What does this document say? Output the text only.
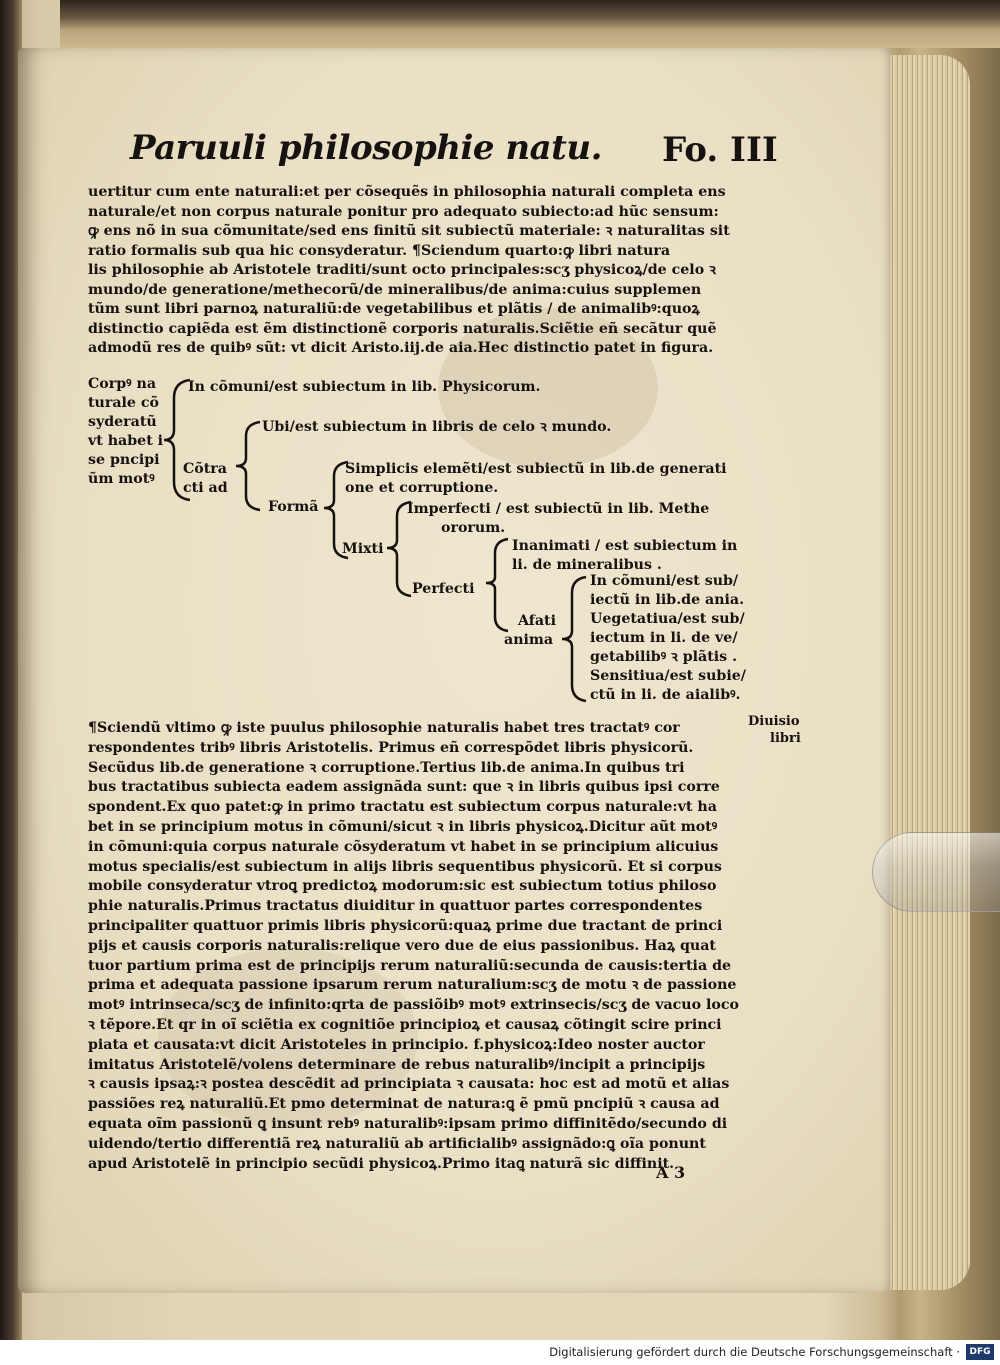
Paruuli philosophie natu. Fo. III
uertitur cum ente naturali:et per cõsequẽs in philosophia naturali completa ens
naturale/et non corpus naturale ponitur pro adequato subiecto:ad hũc sensum:
ꝙ ens nõ in sua cõmunitate/sed ens finitũ sit subiectũ materiale: ꝛ naturalitas sit
ratio formalis sub qua hic consyderatur. ¶Sciendum quarto:ꝙ libri natura
lis philosophie ab Aristotele traditi/sunt octo principales:scʒ physicoꝝ/de celo ꝛ
mundo/de generatione/methecorũ/de mineralibus/de anima:cuius supplemen
tũm sunt libri parnoꝝ naturaliũ:de vegetabilibus et plãtis / de animalibꝰ:quoꝝ
distinctio capiẽda est ẽm distinctionẽ corporis naturalis.Sciẽtie eñ secãtur quẽ
admodũ res de quibꝰ sũt: vt dicit Aristo.iij.de aia.Hec distinctio patet in figura.
Corpꝰ na
turale cõ
syderatũ
vt habet i
se pncipi
ũm motꝰ
In cõmuni/est subiectum in lib. Physicorum.
Cõtra
cti ad
Ubi/est subiectum in libris de celo ꝛ mundo.
Formã
Simplicis elemẽti/est subiectũ in lib.de generati
one et corruptione.
Mixti
Imperfecti / est subiectũ in lib. Methe
ororum.
Perfecti
Inanimati / est subiectum in
li. de mineralibus .
Afati
anima
In cõmuni/est sub/
iectũ in lib.de ania.
Uegetatiua/est sub/
iectum in li. de ve/
getabilibꝰ ꝛ plãtis .
Sensitiua/est subie/
ctũ in li. de aialibꝰ.
Diuisio
libri
¶Sciendũ vltimo ꝙ iste puulus philosophie naturalis habet tres tractatꝰ cor
respondentes tribꝰ libris Aristotelis. Primus eñ correspõdet libris physicorũ.
Secũdus lib.de generatione ꝛ corruptione.Tertius lib.de anima.In quibus tri
bus tractatibus subiecta eadem assignãda sunt: que ꝛ in libris quibus ipsi corre
spondent.Ex quo patet:ꝙ in primo tractatu est subiectum corpus naturale:vt ha
bet in se principium motus in cõmuni/sicut ꝛ in libris physicoꝝ.Dicitur aũt motꝰ
in cõmuni:quia corpus naturale cõsyderatum vt habet in se principium alicuius
motus specialis/est subiectum in alijs libris sequentibus physicorũ. Et si corpus
mobile consyderatur vtroꝗ predictoꝝ modorum:sic est subiectum totius philoso
phie naturalis.Primus tractatus diuiditur in quattuor partes correspondentes
principaliter quattuor primis libris physicorũ:quaꝝ prime due tractant de princi
pijs et causis corporis naturalis:relique vero due de eius passionibus. Haꝝ quat
tuor partium prima est de principijs rerum naturaliũ:secunda de causis:tertia de
prima et adequata passione ipsarum rerum naturalium:scʒ de motu ꝛ de passione
motꝰ intrinseca/scʒ de infinito:qrta de passiõibꝰ motꝰ extrinsecis/scʒ de vacuo loco
ꝛ tẽpore.Et qr in oĩ sciẽtia ex cognitiõe principioꝝ et causaꝝ cõtingit scire princi
piata et causata:vt dicit Aristoteles in principio. f.physicoꝝ:Ideo noster auctor
imitatus Aristotelẽ/volens determinare de rebus naturalibꝰ/incipit a principijs
ꝛ causis ipsaꝝ:ꝛ postea descẽdit ad principiata ꝛ causata: hoc est ad motũ et alias
passiões reꝝ naturaliũ.Et pmo determinat de natura:ꝗ ẽ pmũ pncipiũ ꝛ causa ad
equata oĩm passionũ ꝗ insunt rebꝰ naturalibꝰ:ipsam primo diffinitẽdo/secundo di
uidendo/tertio differentiã reꝝ naturaliũ ab artificialibꝰ assignãdo:ꝗ oĩa ponunt
apud Aristotelẽ in principio secũdi physicoꝝ.Primo itaꝗ naturã sic diffinit.
A 3
Digitalisierung gefördert durch die Deutsche Forschungsgemeinschaft ·	DFG
